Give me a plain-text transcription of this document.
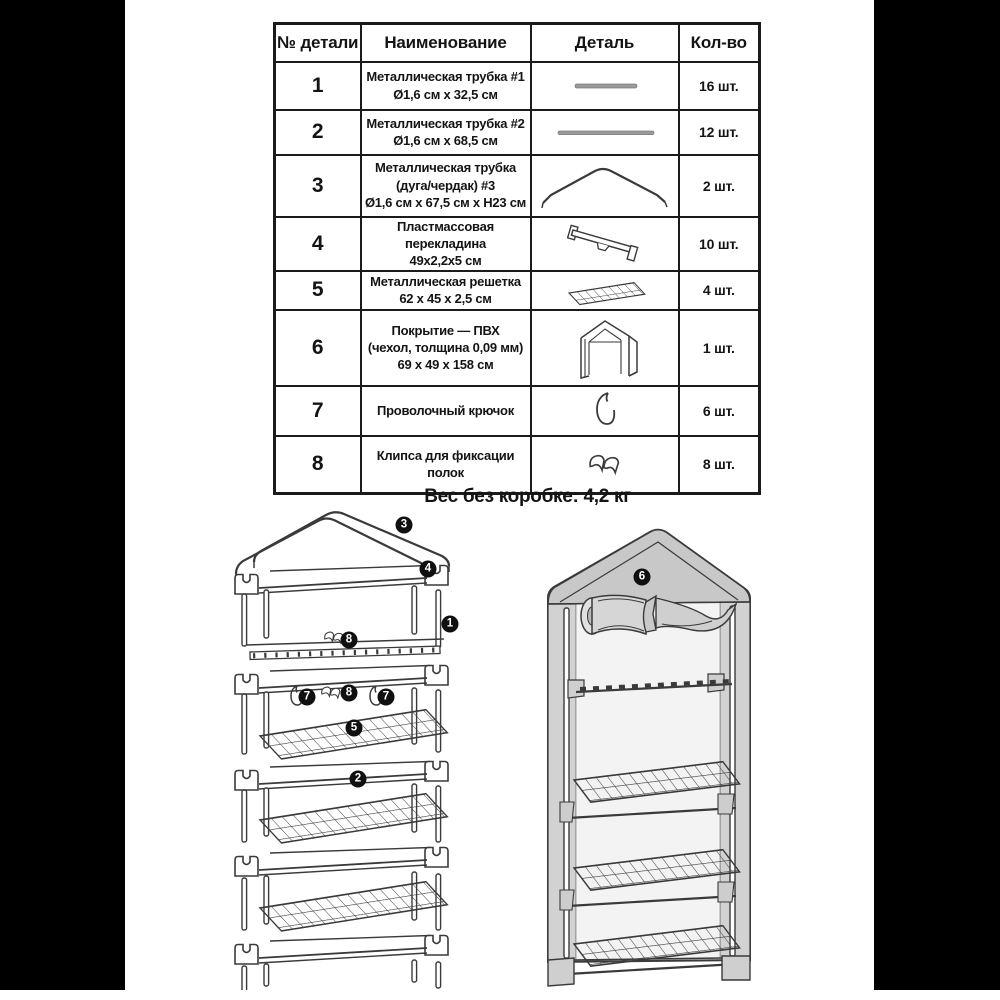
№ детали	Наименование	Деталь	Кол-во
1	Металлическая трубка #1
Ø1,6 см x 32,5 см		16 шт.
2	Металлическая трубка #2
Ø1,6 см x 68,5 см		12 шт.
3	Металлическая трубка
(дуга/чердак) #3
Ø1,6 см x 67,5 см x H23 см		2 шт.
4	Пластмассовая перекладина
49x2,2x5 см		10 шт.
5	Металлическая решетка
62 x 45 x 2,5 см		4 шт.
6	Покрытие — ПВХ
(чехол, толщина 0,09 мм)
69 x 49 x 158 см		1 шт.
7	Проволочный крючок		6 шт.
8	Клипса для фиксации полок		8 шт.
Вес без коробке: 4,2 кг
3
4
1
8
7	8	7
5
2
6
